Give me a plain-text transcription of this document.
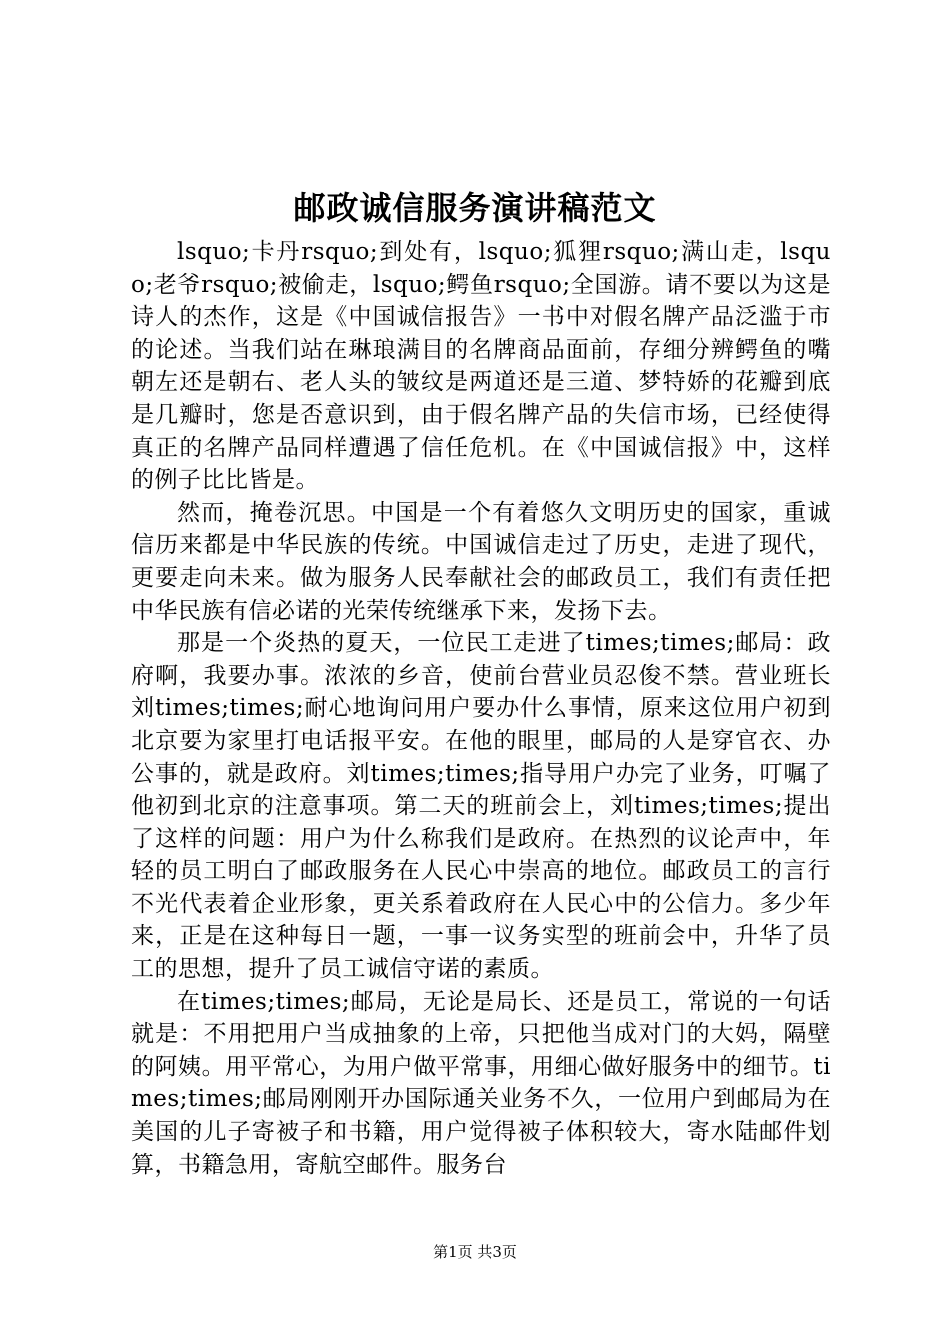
邮政诚信服务演讲稿范文

lsquo;卡丹rsquo;到处有，lsquo;狐狸rsquo;满山走，lsquo;老爷rsquo;被偷走，lsquo;鳄鱼rsquo;全国游。请不要以为这是诗人的杰作，这是《中国诚信报告》一书中对假名牌产品泛滥于市的论述。当我们站在琳琅满目的名牌商品面前，存细分辨鳄鱼的嘴朝左还是朝右、老人头的皱纹是两道还是三道、梦特娇的花瓣到底是几瓣时，您是否意识到，由于假名牌产品的失信市场，已经使得真正的名牌产品同样遭遇了信任危机。在《中国诚信报》中，这样的例子比比皆是。

然而，掩卷沉思。中国是一个有着悠久文明历史的国家，重诚信历来都是中华民族的传统。中国诚信走过了历史，走进了现代，更要走向未来。做为服务人民奉献社会的邮政员工，我们有责任把中华民族有信必诺的光荣传统继承下来，发扬下去。

那是一个炎热的夏天，一位民工走进了times;times;邮局：政府啊，我要办事。浓浓的乡音，使前台营业员忍俊不禁。营业班长刘times;times;耐心地询问用户要办什么事情，原来这位用户初到北京要为家里打电话报平安。在他的眼里，邮局的人是穿官衣、办公事的，就是政府。刘times;times;指导用户办完了业务，叮嘱了他初到北京的注意事项。第二天的班前会上，刘times;times;提出了这样的问题：用户为什么称我们是政府。在热烈的议论声中，年轻的员工明白了邮政服务在人民心中崇高的地位。邮政员工的言行不光代表着企业形象，更关系着政府在人民心中的公信力。多少年来，正是在这种每日一题，一事一议务实型的班前会中，升华了员工的思想，提升了员工诚信守诺的素质。

在times;times;邮局，无论是局长、还是员工，常说的一句话就是：不用把用户当成抽象的上帝，只把他当成对门的大妈，隔壁的阿姨。用平常心，为用户做平常事，用细心做好服务中的细节。times;times;邮局刚刚开办国际通关业务不久，一位用户到邮局为在美国的儿子寄被子和书籍，用户觉得被子体积较大，寄水陆邮件划算，书籍急用，寄航空邮件。服务台

第1页 共3页
